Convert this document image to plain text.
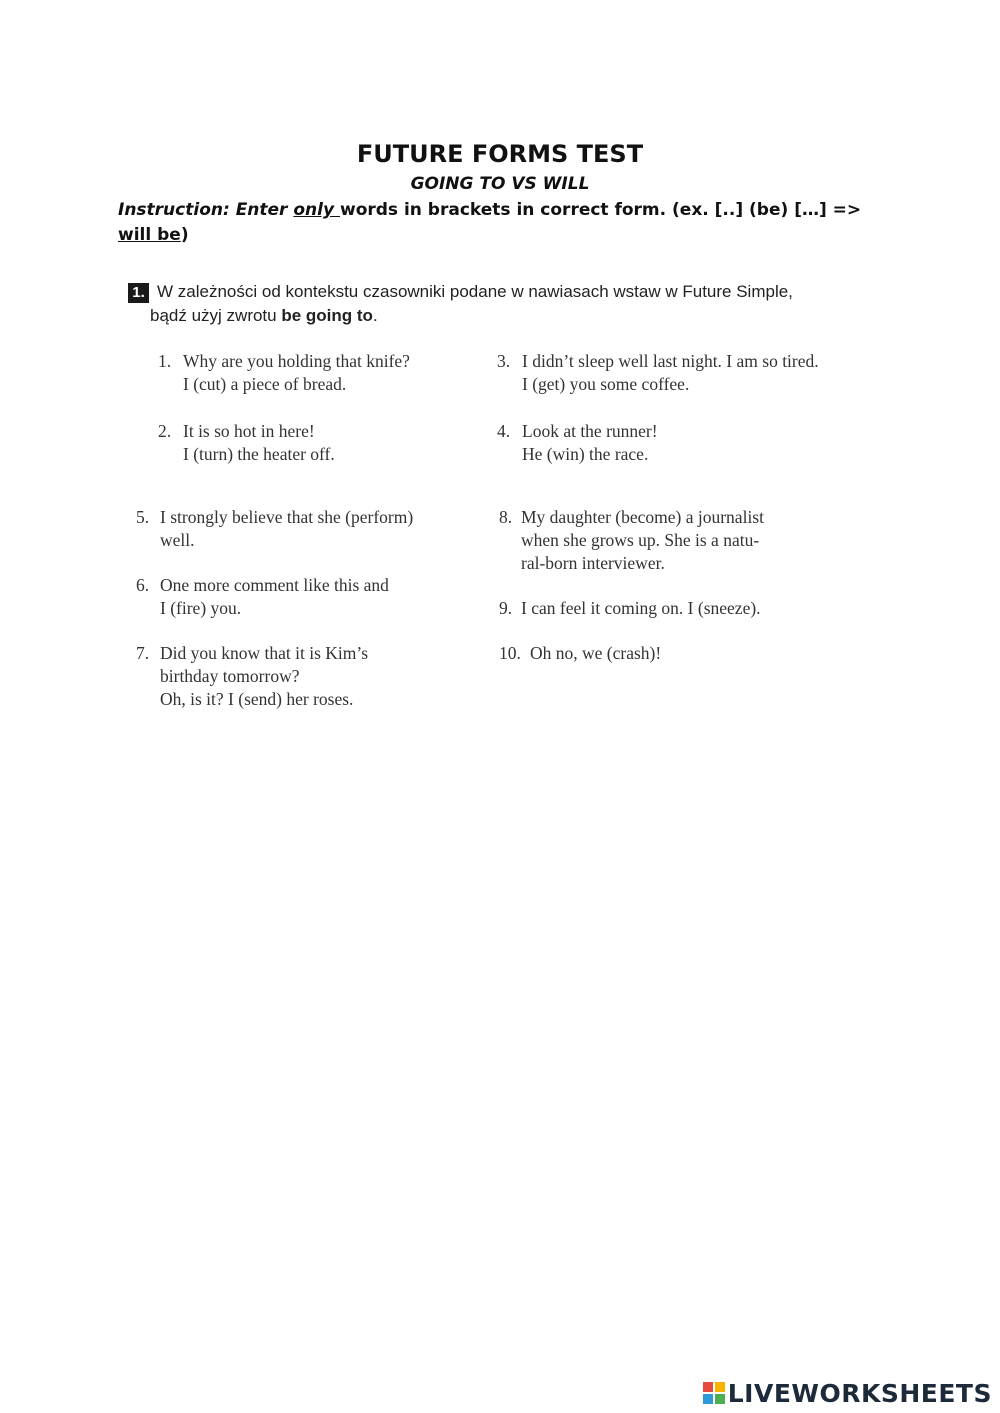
FUTURE FORMS TEST
GOING TO VS WILL
Instruction: Enter only words in brackets in correct form. (ex. [..] (be) […] =>
will be)
1. W zależności od kontekstu czasowniki podane w nawiasach wstaw w Future Simple,
bądź użyj zwrotu be going to.
1. Why are you holding that knife?
I (cut) a piece of bread.
2. It is so hot in here!
I (turn) the heater off.
3. I didn’t sleep well last night. I am so tired.
I (get) you some coffee.
4. Look at the runner!
He (win) the race.
5. I strongly believe that she (perform)
well.
6. One more comment like this and
I (fire) you.
7. Did you know that it is Kim’s
birthday tomorrow?
Oh, is it? I (send) her roses.
8. My daughter (become) a journalist
when she grows up. She is a natu-
ral-born interviewer.
9. I can feel it coming on. I (sneeze).
10. Oh no, we (crash)!
LIVEWORKSHEETS
